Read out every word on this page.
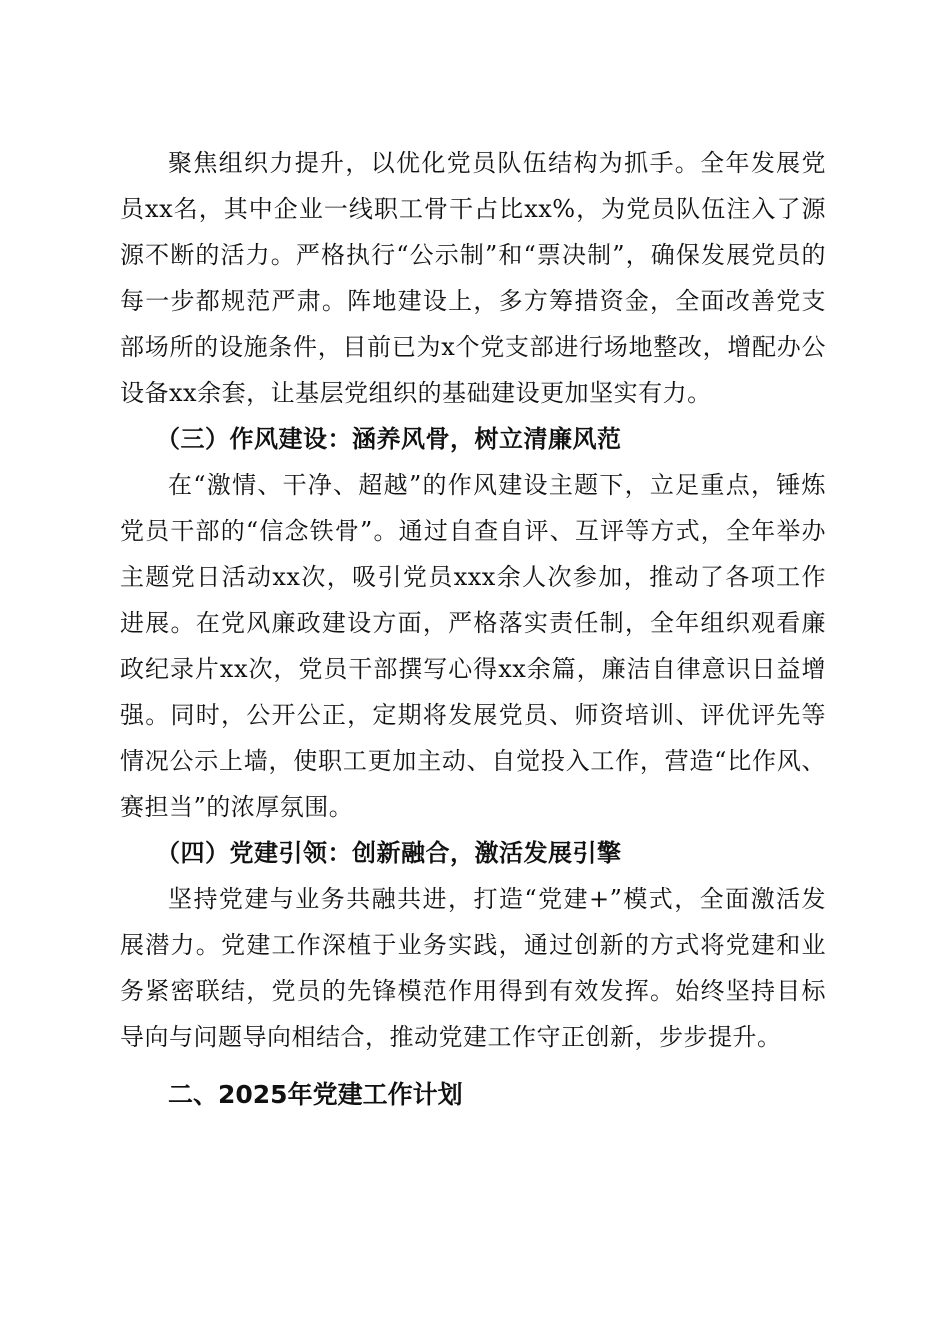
聚焦组织力提升，以优化党员队伍结构为抓手。全年发展党员xx名，其中企业一线职工骨干占比xx%，为党员队伍注入了源源不断的活力。严格执行“公示制”和“票决制”，确保发展党员的每一步都规范严肃。阵地建设上，多方筹措资金，全面改善党支部场所的设施条件，目前已为x个党支部进行场地整改，增配办公设备xx余套，让基层党组织的基础建设更加坚实有力。

（三）作风建设：涵养风骨，树立清廉风范

在“激情、干净、超越”的作风建设主题下，立足重点，锤炼党员干部的“信念铁骨”。通过自查自评、互评等方式，全年举办主题党日活动xx次，吸引党员xxx余人次参加，推动了各项工作进展。在党风廉政建设方面，严格落实责任制，全年组织观看廉政纪录片xx次，党员干部撰写心得xx余篇，廉洁自律意识日益增强。同时，公开公正，定期将发展党员、师资培训、评优评先等情况公示上墙，使职工更加主动、自觉投入工作，营造“比作风、赛担当”的浓厚氛围。

（四）党建引领：创新融合，激活发展引擎

坚持党建与业务共融共进，打造“党建+”模式，全面激活发展潜力。党建工作深植于业务实践，通过创新的方式将党建和业务紧密联结，党员的先锋模范作用得到有效发挥。始终坚持目标导向与问题导向相结合，推动党建工作守正创新，步步提升。

二、2025年党建工作计划
